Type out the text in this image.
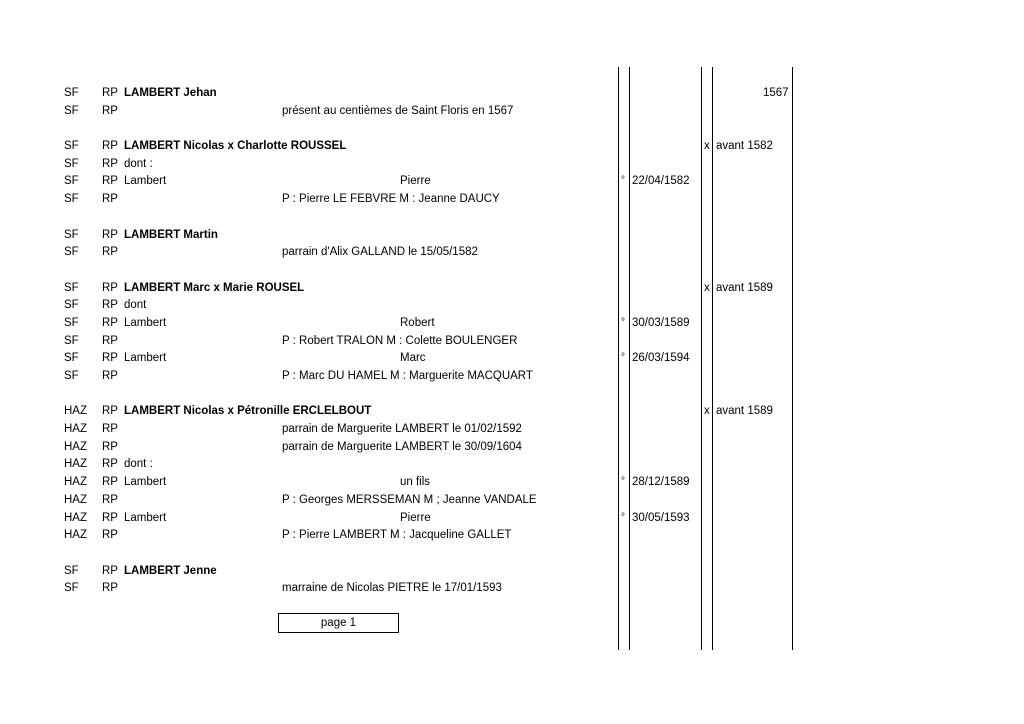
SF RP LAMBERT Jehan	1567
SF RP	présent au centièmes de Saint Floris en 1567
SF RP LAMBERT Nicolas x Charlotte ROUSSEL	x avant 1582
SF RP dont :
SF RP Lambert	Pierre	° 22/04/1582
SF RP	P : Pierre LE FEBVRE M : Jeanne DAUCY
SF RP LAMBERT Martin
SF RP	parrain d'Alix GALLAND le 15/05/1582
SF RP LAMBERT Marc x Marie ROUSEL	x avant 1589
SF RP dont
SF RP Lambert	Robert	° 30/03/1589
SF RP	P : Robert TRALON M : Colette BOULENGER
SF RP Lambert	Marc	° 26/03/1594
SF RP	P : Marc DU HAMEL M : Marguerite MACQUART
HAZ RP LAMBERT Nicolas x Pétronille ERCLELBOUT	x avant 1589
HAZ RP	parrain de Marguerite LAMBERT le 01/02/1592
HAZ RP	parrain de Marguerite LAMBERT le 30/09/1604
HAZ RP dont :
HAZ RP Lambert	un fils	° 28/12/1589
HAZ RP	P : Georges MERSSEMAN M ; Jeanne VANDALE
HAZ RP Lambert	Pierre	° 30/05/1593
HAZ RP	P : Pierre LAMBERT M : Jacqueline GALLET
SF RP LAMBERT Jenne
SF RP	marraine de Nicolas PIETRE le 17/01/1593
page 1
